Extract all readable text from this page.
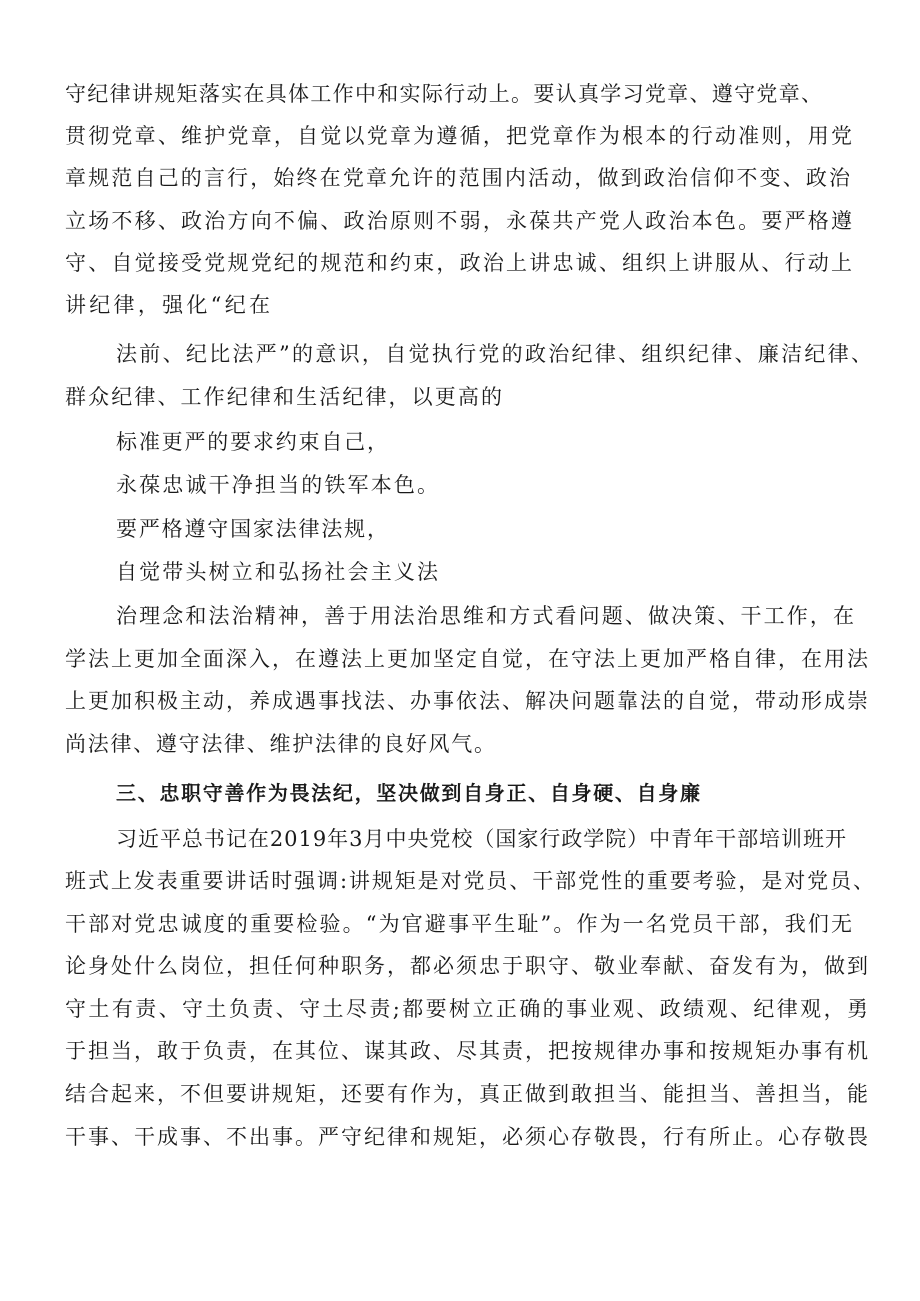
守纪律讲规矩落实在具体工作中和实际行动上。要认真学习党章、遵守党章、
贯彻党章、维护党章，自觉以党章为遵循，把党章作为根本的行动准则，用党
章规范自己的言行，始终在党章允许的范围内活动，做到政治信仰不变、政治
立场不移、政治方向不偏、政治原则不弱，永葆共产党人政治本色。要严格遵
守、自觉接受党规党纪的规范和约束，政治上讲忠诚、组织上讲服从、行动上
讲纪律，强化“纪在
法前、纪比法严”的意识，自觉执行党的政治纪律、组织纪律、廉洁纪律、
群众纪律、工作纪律和生活纪律，以更高的
标准更严的要求约束自己，
永葆忠诚干净担当的铁军本色。
要严格遵守国家法律法规，
自觉带头树立和弘扬社会主义法
治理念和法治精神，善于用法治思维和方式看问题、做决策、干工作，在
学法上更加全面深入，在遵法上更加坚定自觉，在守法上更加严格自律，在用法
上更加积极主动，养成遇事找法、办事依法、解决问题靠法的自觉，带动形成崇
尚法律、遵守法律、维护法律的良好风气。
三、忠职守善作为畏法纪，坚决做到自身正、自身硬、自身廉
习近平总书记在2019年3月中央党校（国家行政学院）中青年干部培训班开
班式上发表重要讲话时强调:讲规矩是对党员、干部党性的重要考验，是对党员、
干部对党忠诚度的重要检验。“为官避事平生耻”。作为一名党员干部，我们无
论身处什么岗位，担任何种职务，都必须忠于职守、敬业奉献、奋发有为，做到
守土有责、守土负责、守土尽责;都要树立正确的事业观、政绩观、纪律观，勇
于担当，敢于负责，在其位、谋其政、尽其责，把按规律办事和按规矩办事有机
结合起来，不但要讲规矩，还要有作为，真正做到敢担当、能担当、善担当，能
干事、干成事、不出事。严守纪律和规矩，必须心存敬畏，行有所止。心存敬畏
